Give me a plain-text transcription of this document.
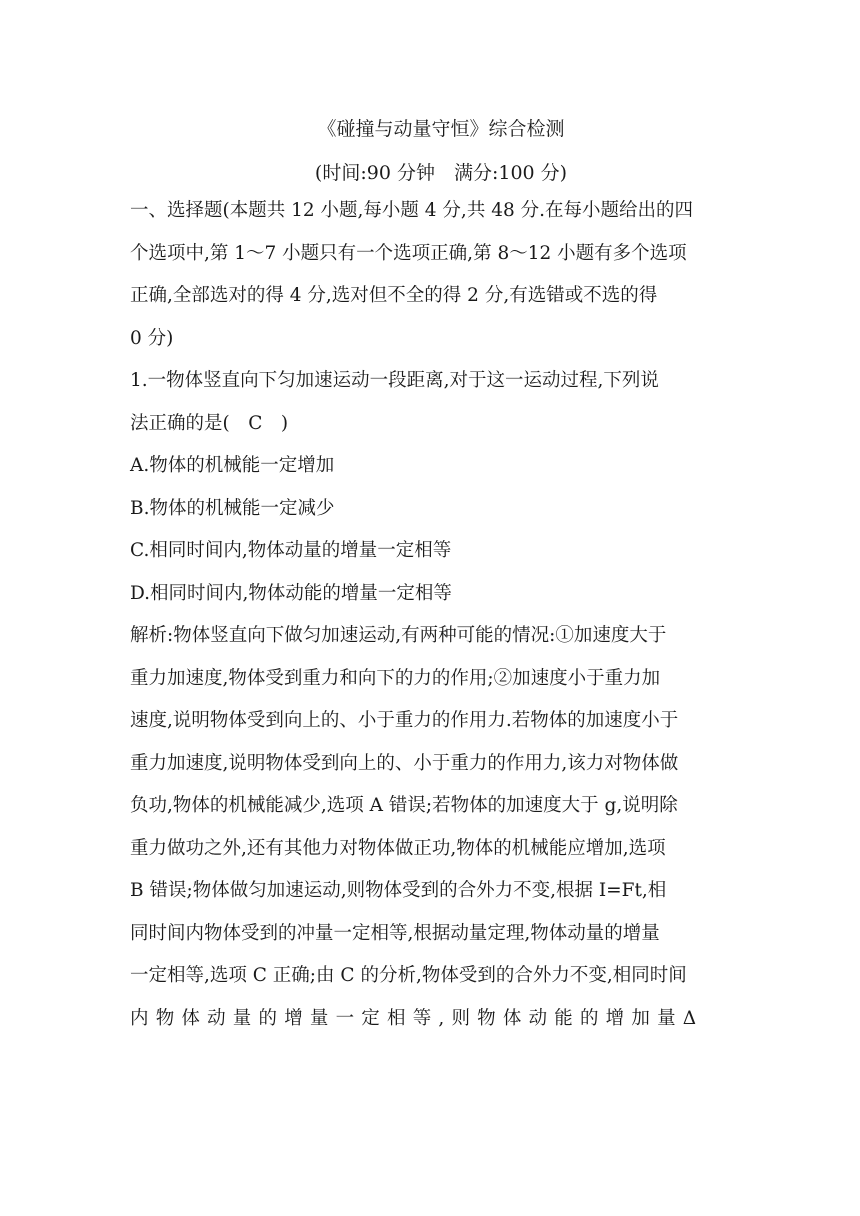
《碰撞与动量守恒》综合检测
(时间:90 分钟　满分:100 分)
一、选择题(本题共 12 小题,每小题 4 分,共 48 分.在每小题给出的四
个选项中,第 1～7 小题只有一个选项正确,第 8～12 小题有多个选项
正确,全部选对的得 4 分,选对但不全的得 2 分,有选错或不选的得
0 分)
1.一物体竖直向下匀加速运动一段距离,对于这一运动过程,下列说
法正确的是(　C　)
A.物体的机械能一定增加
B.物体的机械能一定减少
C.相同时间内,物体动量的增量一定相等
D.相同时间内,物体动能的增量一定相等
解析:物体竖直向下做匀加速运动,有两种可能的情况:①加速度大于
重力加速度,物体受到重力和向下的力的作用;②加速度小于重力加
速度,说明物体受到向上的、小于重力的作用力.若物体的加速度小于
重力加速度,说明物体受到向上的、小于重力的作用力,该力对物体做
负功,物体的机械能减少,选项 A 错误;若物体的加速度大于 g,说明除
重力做功之外,还有其他力对物体做正功,物体的机械能应增加,选项
B 错误;物体做匀加速运动,则物体受到的合外力不变,根据 I=Ft,相
同时间内物体受到的冲量一定相等,根据动量定理,物体动量的增量
一定相等,选项 C 正确;由 C 的分析,物体受到的合外力不变,相同时间
内物体动量的增量一定相等,则物体动能的增加量Δ
